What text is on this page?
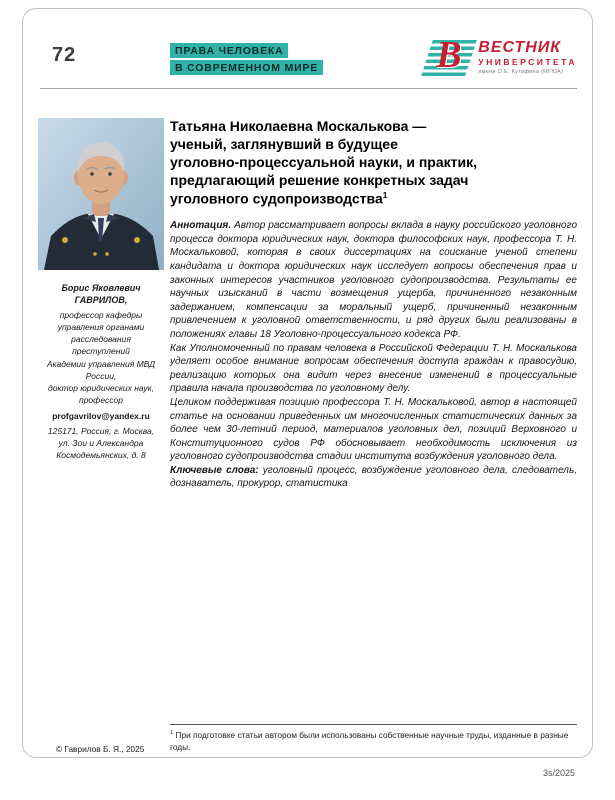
72	ПРАВА ЧЕЛОВЕКА
В СОВРЕМЕННОМ МИРЕ	В ВЕСТНИК
УНИВЕРСИТЕТА
имени О.Е. Кутафина (МГЮА)
Борис Яковлевич
ГАВРИЛОВ,
профессор кафедры
управления органами
расследования
преступлений
Академии управления МВД
России,
доктор юридических наук,
профессор
profgavrilov@yandex.ru
125171, Россия, г. Москва,
ул. Зои и Александра
Космодемьянских, д. 8
Татьяна Николаевна Москалькова —
ученый, заглянувший в будущее
уголовно-процессуальной науки, и практик,
предлагающий решение конкретных задач
уголовного судопроизводства$^1$

Аннотация. Автор рассматривает вопросы вклада в науку российского уголовного процесса доктора юридических наук, доктора философских наук, профессора Т. Н. Москальковой, которая в своих диссертациях на соискание ученой степени кандидата и доктора юридических наук исследует вопросы обеспечения прав и законных интересов участников уголовного судопроизводства. Результаты ее научных изысканий в части возмещения ущерба, причиненного незаконным задержанием, компенсации за моральный ущерб, причиненный незаконным привлечением к уголовной ответственности, и ряд других были реализованы в положениях главы 18 Уголовно-процессуального кодекса РФ.

Как Уполномоченный по правам человека в Российской Федерации Т. Н. Москалькова уделяет особое внимание вопросам обеспечения доступа граждан к правосудию, реализацию которых она видит через внесение изменений в процессуальные правила начала производства по уголовному делу.

Целиком поддерживая позицию профессора Т. Н. Москальковой, автор в настоящей статье на основании приведенных им многочисленных статистических данных за более чем 30-летний период, материалов уголовных дел, позиций Верховного и Конституционного судов РФ обосновывает необходимость исключения из уголовного судопроизводства стадии института возбуждения уголовного дела.

Ключевые слова: уголовный процесс, возбуждение уголовного дела, следователь, дознаватель, прокурор, статистика

$^1$ При подготовке статьи автором были использованы собственные научные труды, изданные в разные годы.
© Гаврилов Б. Я., 2025
3s/2025
